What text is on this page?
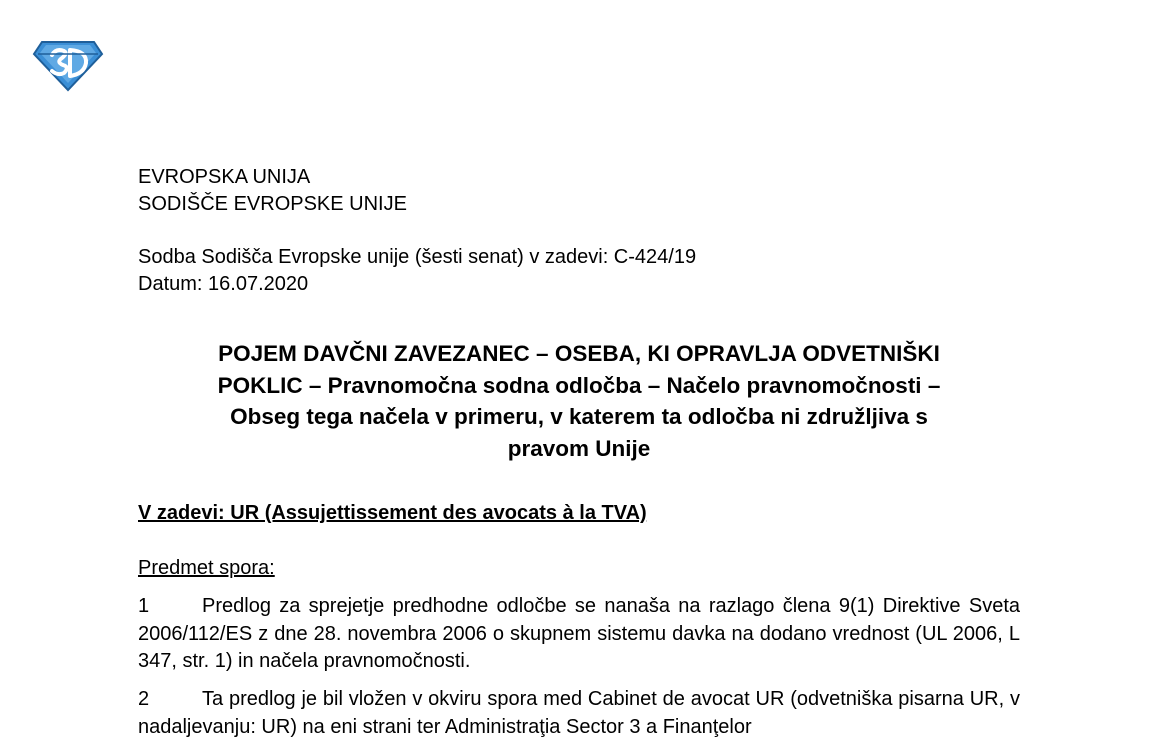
EVROPSKA UNIJA
SODIŠČE EVROPSKE UNIJE
Sodba Sodišča Evropske unije (šesti senat) v zadevi: C-424/19
Datum: 16.07.2020
POJEM DAVČNI ZAVEZANEC – OSEBA, KI OPRAVLJA ODVETNIŠKI
POKLIC – Pravnomočna sodna odločba – Načelo pravnomočnosti –
Obseg tega načela v primeru, v katerem ta odločba ni združljiva s
pravom Unije
V zadevi: UR (Assujettissement des avocats à la TVA)
Predmet spora:
1	Predlog za sprejetje predhodne odločbe se nanaša na razlago člena 9(1) Direktive Sveta 2006/112/ES z dne 28. novembra 2006 o skupnem sistemu davka na dodano vrednost (UL 2006, L 347, str. 1) in načela pravnomočnosti.
2	Ta predlog je bil vložen v okviru spora med Cabinet de avocat UR (odvetniška pisarna UR, v nadaljevanju: UR) na eni strani ter Administraţia Sector 3 a Finanţelor
